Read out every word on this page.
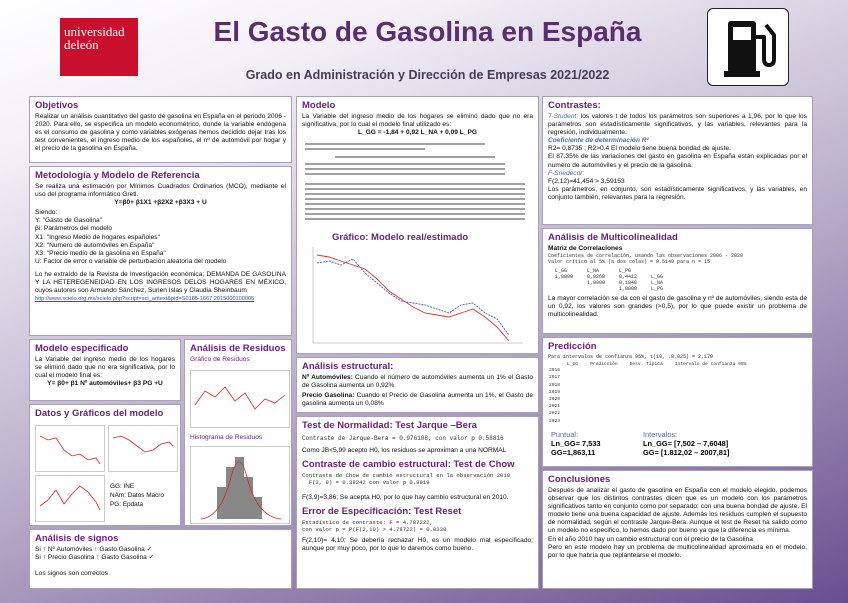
universidad
deleón	El Gasto de Gasolina en España
Grado en Administración y Dirección de Empresas 2021/2022
Objetivos
Realizar un análisis cuantitativo del gasto de gasolina en España en el periodo 2006 - 2020. Para ello, se especifica un modelo econométrico, donde la variable endógena es el consumo de gasolina y como variables exógenas hemos decidido dejar tras los test convenientes, el ingreso medio de los españoles, el nº de automóvil por hogar y el precio de la gasolina en España.
Metodología y Modelo de Referencia

Se realiza una estimación por Mínimos Cuadrados Ordinarios (MCO), mediante el uso del programa informático Gretl.

Y=β0+ β1X1 +β2X2 +β3X3 + U

Siendo:

Y: "Gasto de Gasolina"

βi: Parámetros del modelo

X1: "Ingreso Medio de hogares españoles"

X2: "Numero de automóviles en España"

X3: "Precio medio de la gasolina en España"

U: Factor de error o variable de perturbación aleatoria del modelo

Lo he extraído de la Revista de Investigación económica; DEMANDA DE GASOLINA Y LA HETEREGENEIDAD EN LOS INGRESOS DELOS HOGARES EN MÉXICO, cuyos autores son Armando Sánchez, Surien Islas y Claudia Sheinbaum

http://www.scielo.org.mx/scielo.php?script=sci_arttext&pid=S0185-1667 2015000100005

Modelo especificado

La Variable del ingreso medio de los hogares se eliminó dado que no era significativa, por lo cual el modelo final es:

Y= β0+ β1 Nº automóviles+ β3 PG +U

Datos y Gráficos del modelo

GG: INE

NAm: Datos Macro

PG: Epdata

Análisis de Residuos
Gráfico de Residuos
Histograma de Residuos
Análisis de signos

Si ↑ Nº Automóviles ↑ Gasto Gasolina ✓

Si ↑ Precio Gasolina ↑ Gasto Gasolina ✓

Los signos son correctos

Modelo

La Variable del ingreso medio de los hogares se eliminó dado que no era significativa, por lo cual el modelo final utilizado es:

L_GG = -1,84 + 0,92 L_NA + 0,09 L_PG

Gráfico: Modelo real/estimado
Análisis estructural:

Nº Automóviles: Cuando el número de automóviles aumenta un 1% el Gasto de Gasolina aumenta un 0,92%

Precio Gasolina: Cuando el Precio de Gasolina aumenta un 1%, el Gasto de gasolina aumenta un 0,08%

Test de Normalidad: Test Jarque –Bera
Contraste de Jarque-Bera = 0.976108, con valor p 0.58816
Como JB<5,99 acepto H0, los residuos se aproximan a una NORMAL
Contraste de cambio estructural: Test de Chow
Contraste de Chow de cambio estructural en la observación 2010
F(3, 9) = 0.38242 con valor p 0.9919
F(3,9)=3,86; Se acepta H0, por lo que hay cambio estructural en 2010.
Error de Especificación: Test Reset
Estadístico de contraste: F = 4.787222,
con valor p = P(F(2,10) > 4.78722) = 0.0338
F(2,10)= 4,10; Se debería rechazar H0, es un modelo mal especificado; aunque por muy poco, por lo que lo daremos como bueno.
Contrastes:

T-Student: los valores t de todos los parámetros son superiores a 1,96, por lo que los parámetros son estadísticamente significativos, y las variables, relevantes para la regresión, individualmente.

Coeficiente de determinación R²

R2= 0,8735 ; R2>0.4 El modelo tiene buena bondad de ajuste.

El 87,35% de las variaciones del gasto en gasolina en España están explicadas por el numero de automóviles y el precio de la gasolina.

F-Snedecor:

F(2,12)=41,454 > 3,59153

Los parámetros, en conjunto, son estadísticamente significativos, y las variables, en conjunto también, relevantes para la regresión.

Análisis de Multicolinealidad
Matriz de Correlaciones
Coeficientes de correlación, usando las observaciones 2006 - 2020
Valor crítico al 5% (a dos colas) = 0.5140 para n = 15
L_GG	L_NA	L_PG	
1,0000	0,9268	0,4412	L_GG
	1,0000	0,1840	L_NA
		1,0000	L_PG
La mayor correlación se da con el gasto de gasolina y nº de automóviles, siendo esta de un 0,92, los valores son grandes (>0,5), por lo que puede existir un problema de multicolinealidad.
Predicción
Para intervalos de confianza 95%, t(10, .0.025) = 2,179
	L_GG	Predicción	Desv. Típica	Intervalo de confianza 95%
2016
2017
2018
2019
2020
2021
2022
2023
Puntual:
Ln_GG= 7,533
GG=1,863,11
Intervalos:
Ln_GG= [7,502 – 7,6048]
GG= [1.812,02 – 2007,81]
Conclusiones
Después de analizar el gasto de gasolina en España con el modelo elegido, podemos observar que los distintos contrastes dicen que es un modelo con los parámetros significativos tanto en conjunto como por separado; con una buena bondad de ajuste. El modelo tiene una buena capacidad de ajuste. Además los residuos cumplen el supuesto de normalidad, según el contraste Jarque-Bera. Aunque el test de Reset ha salido como un modelo no especifico, lo hemos dado por bueno ya que la diferencia es mínima.
En el año 2010 hay un cambio estructural con el precio de la Gasolina
Pero en este modelo hay un problema de multicolinealidad aproximada en el modelo, por lo que habría que replantearse el modelo.
